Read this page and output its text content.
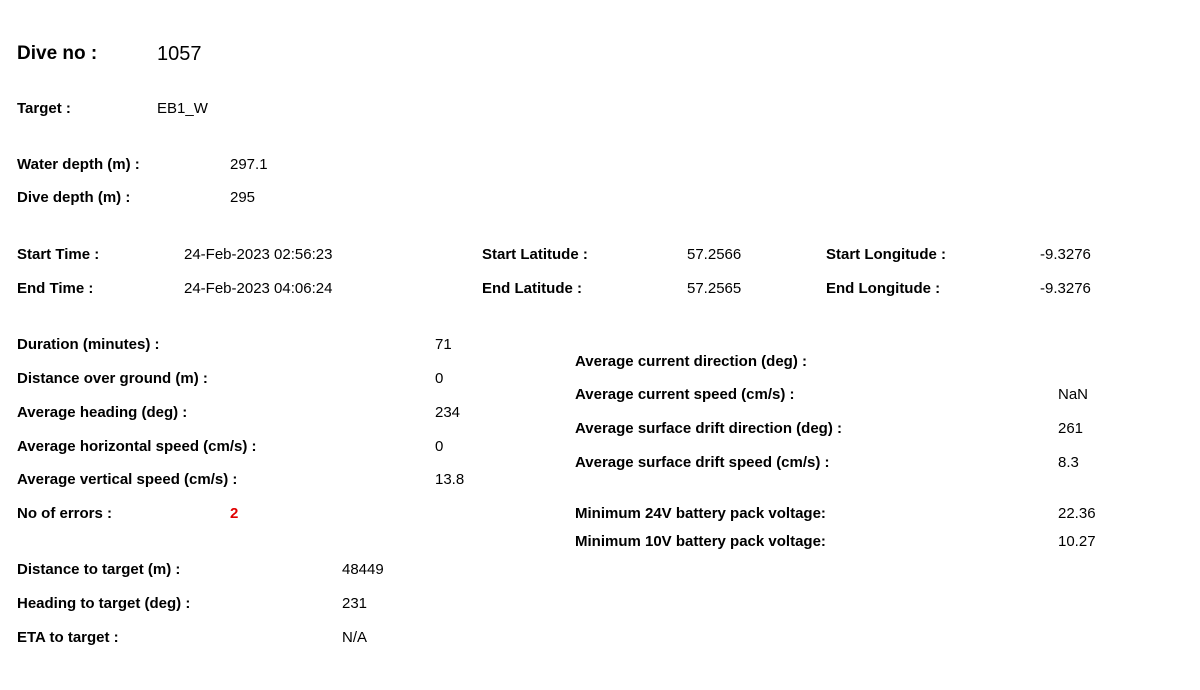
Dive no :	1057
Target :	EB1_W
Water depth (m) :	297.1
Dive depth (m) :	295
Start Time :	24-Feb-2023 02:56:23	Start Latitude :	57.2566	Start Longitude :	-9.3276
End Time :	24-Feb-2023 04:06:24	End Latitude :	57.2565	End Longitude :	-9.3276
Duration (minutes) :	71
Distance over ground (m) :	0
Average heading (deg) :	234
Average horizontal speed (cm/s) :	0
Average vertical speed (cm/s) :	13.8
No of errors :	2
Average current direction (deg) :
Average current speed (cm/s) :	NaN
Average surface drift direction (deg) :	261
Average surface drift speed (cm/s) :	8.3
Minimum 24V battery pack voltage:	22.36
Minimum 10V battery pack voltage:	10.27
Distance to target (m) :	48449
Heading to target (deg) :	231
ETA to target :	N/A
